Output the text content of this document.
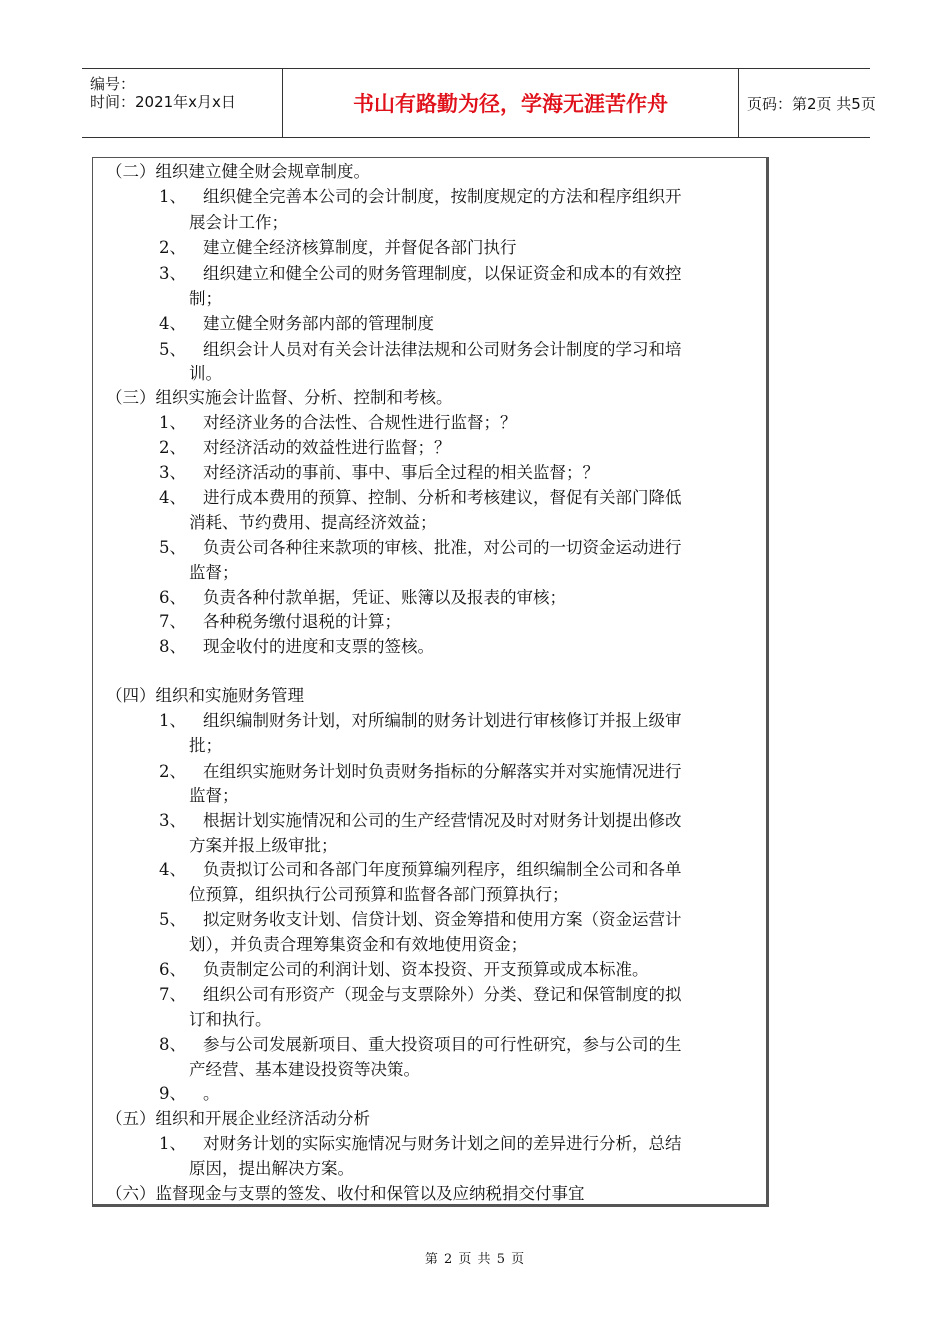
编号：
时间：2021年x月x日	书山有路勤为径，学海无涯苦作舟	页码：第2页 共5页
（二）组织建立健全财会规章制度。
1、 组织健全完善本公司的会计制度，按制度规定的方法和程序组织开
展会计工作；
2、 建立健全经济核算制度，并督促各部门执行
3、 组织建立和健全公司的财务管理制度，以保证资金和成本的有效控
制；
4、 建立健全财务部内部的管理制度
5、 组织会计人员对有关会计法律法规和公司财务会计制度的学习和培
训。
（三）组织实施会计监督、分析、控制和考核。
1、 对经济业务的合法性、合规性进行监督；？
2、 对经济活动的效益性进行监督；？
3、 对经济活动的事前、事中、事后全过程的相关监督；？
4、 进行成本费用的预算、控制、分析和考核建议，督促有关部门降低
消耗、节约费用、提高经济效益；
5、 负责公司各种往来款项的审核、批准，对公司的一切资金运动进行
监督；
6、 负责各种付款单据，凭证、账簿以及报表的审核；
7、 各种税务缴付退税的计算；
8、 现金收付的进度和支票的签核。
（四）组织和实施财务管理
1、 组织编制财务计划，对所编制的财务计划进行审核修订并报上级审
批；
2、 在组织实施财务计划时负责财务指标的分解落实并对实施情况进行
监督；
3、 根据计划实施情况和公司的生产经营情况及时对财务计划提出修改
方案并报上级审批；
4、 负责拟订公司和各部门年度预算编列程序，组织编制全公司和各单
位预算，组织执行公司预算和监督各部门预算执行；
5、 拟定财务收支计划、信贷计划、资金筹措和使用方案（资金运营计
划），并负责合理筹集资金和有效地使用资金；
6、 负责制定公司的利润计划、资本投资、开支预算或成本标准。
7、 组织公司有形资产（现金与支票除外）分类、登记和保管制度的拟
订和执行。
8、 参与公司发展新项目、重大投资项目的可行性研究，参与公司的生
产经营、基本建设投资等决策。
9、 。
（五）组织和开展企业经济活动分析
1、 对财务计划的实际实施情况与财务计划之间的差异进行分析，总结
原因，提出解决方案。
（六）监督现金与支票的签发、收付和保管以及应纳税捐交付事宜
第 2 页 共 5 页
